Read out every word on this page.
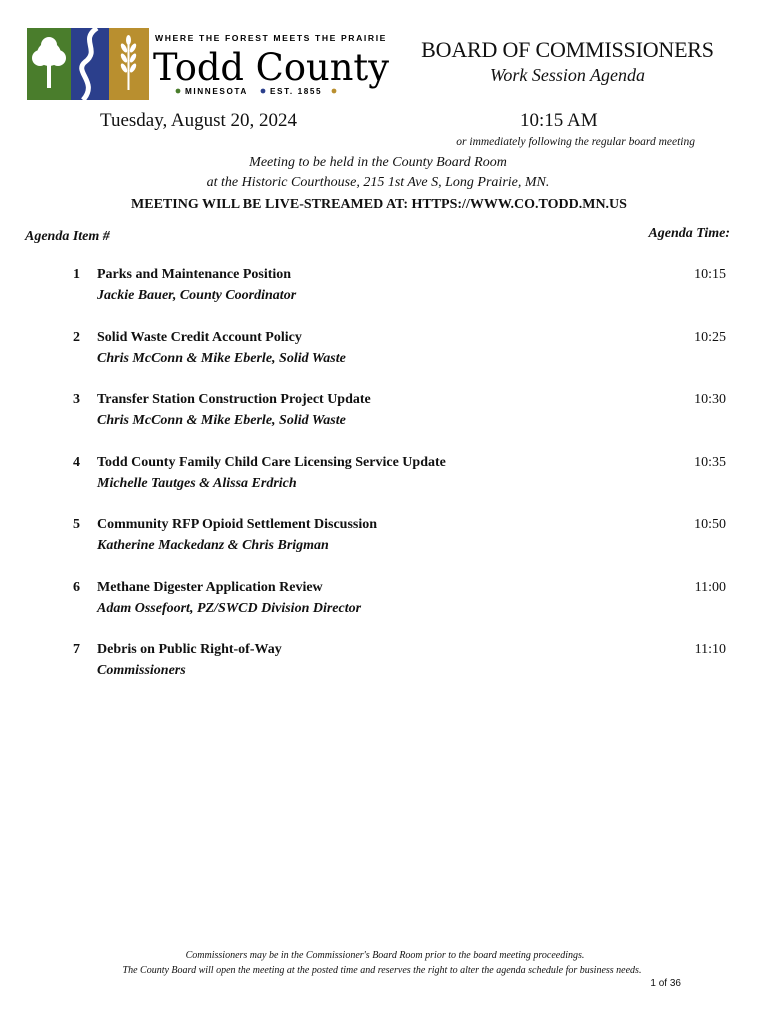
WHERE THE FOREST MEETS THE PRAIRIE
Todd County
MINNESOTA	EST. 1855
BOARD OF COMMISSIONERS
Work Session Agenda
Tuesday, August 20, 2024	10:15 AM
or immediately following the regular board meeting
Meeting to be held in the County Board Room
at the Historic Courthouse, 215 1st Ave S, Long Prairie, MN.
MEETING WILL BE LIVE-STREAMED AT: HTTPS://WWW.CO.TODD.MN.US
Agenda Item #	Agenda Time:
1 Parks and Maintenance Position
Jackie Bauer, County Coordinator
10:15
2 Solid Waste Credit Account Policy
Chris McConn & Mike Eberle, Solid Waste
10:25
3 Transfer Station Construction Project Update
Chris McConn & Mike Eberle, Solid Waste
10:30
4 Todd County Family Child Care Licensing Service Update
Michelle Tautges & Alissa Erdrich
10:35
5 Community RFP Opioid Settlement Discussion
Katherine Mackedanz & Chris Brigman
10:50
6 Methane Digester Application Review
Adam Ossefoort, PZ/SWCD Division Director
11:00
7 Debris on Public Right-of-Way
Commissioners
11:10
Commissioners may be in the Commissioner's Board Room prior to the board meeting proceedings.
The County Board will open the meeting at the posted time and reserves the right to alter the agenda schedule for business needs.
1 of 36
